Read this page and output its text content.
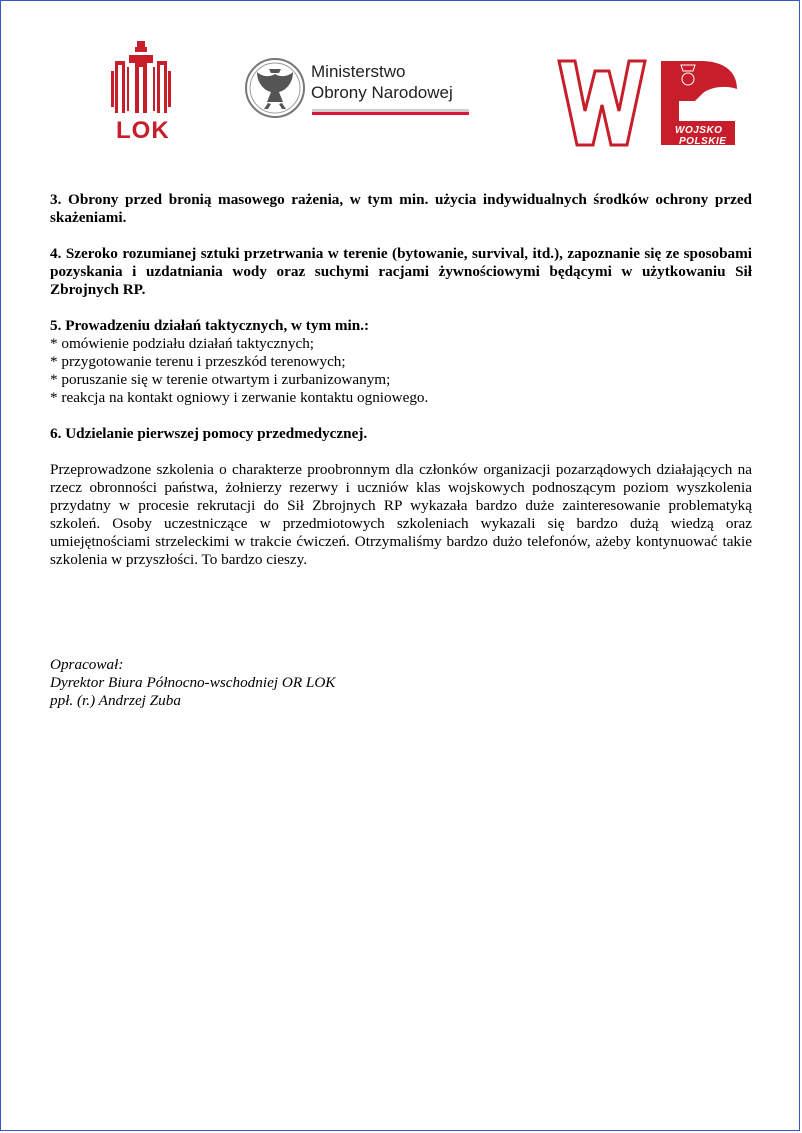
LOK
Ministerstwo
Obrony Narodowej
WOJSKO
POLSKIE

3. Obrony przed bronią masowego rażenia, w tym min. użycia indywidualnych środków ochrony przed skażeniami.

4. Szeroko rozumianej sztuki przetrwania w terenie (bytowanie, survival, itd.), zapoznanie się ze sposobami pozyskania i uzdatniania wody oraz suchymi racjami żywnościowymi będącymi w użytkowaniu Sił Zbrojnych RP.

5. Prowadzeniu działań taktycznych, w tym min.:
* omówienie podziału działań taktycznych;
* przygotowanie terenu i przeszkód terenowych;
* poruszanie się w terenie otwartym i zurbanizowanym;
* reakcja na kontakt ogniowy i zerwanie kontaktu ogniowego.

6. Udzielanie pierwszej pomocy przedmedycznej.

Przeprowadzone szkolenia o charakterze proobronnym dla członków organizacji pozarządowych działających na rzecz obronności państwa, żołnierzy rezerwy i uczniów klas wojskowych podnoszącym poziom wyszkolenia przydatny w procesie rekrutacji do Sił Zbrojnych RP wykazała bardzo duże zainteresowanie problematyką szkoleń. Osoby uczestniczące w przedmiotowych szkoleniach wykazali się bardzo dużą wiedzą oraz umiejętnościami strzeleckimi w trakcie ćwiczeń. Otrzymaliśmy bardzo dużo telefonów, ażeby kontynuować takie szkolenia w przyszłości. To bardzo cieszy.

Opracował:
Dyrektor Biura Północno-wschodniej OR LOK
ppł. (r.) Andrzej Zuba
